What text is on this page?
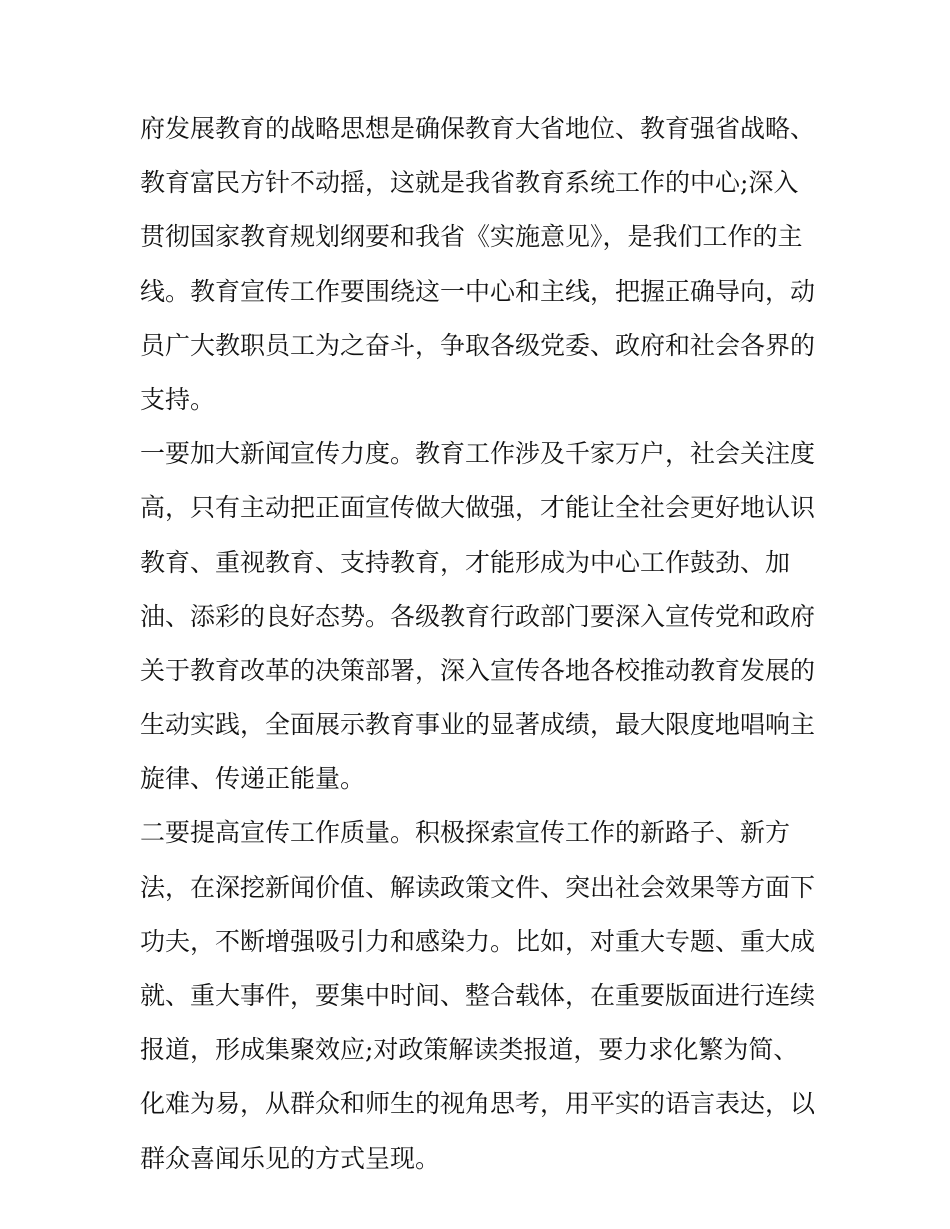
府发展教育的战略思想是确保教育大省地位、教育强省战略、
教育富民方针不动摇，这就是我省教育系统工作的中心;深入
贯彻国家教育规划纲要和我省《实施意见》，是我们工作的主
线。教育宣传工作要围绕这一中心和主线，把握正确导向，动
员广大教职员工为之奋斗，争取各级党委、政府和社会各界的
支持。
一要加大新闻宣传力度。教育工作涉及千家万户，社会关注度
高，只有主动把正面宣传做大做强，才能让全社会更好地认识
教育、重视教育、支持教育，才能形成为中心工作鼓劲、加
油、添彩的良好态势。各级教育行政部门要深入宣传党和政府
关于教育改革的决策部署，深入宣传各地各校推动教育发展的
生动实践，全面展示教育事业的显著成绩，最大限度地唱响主
旋律、传递正能量。
二要提高宣传工作质量。积极探索宣传工作的新路子、新方
法，在深挖新闻价值、解读政策文件、突出社会效果等方面下
功夫，不断增强吸引力和感染力。比如，对重大专题、重大成
就、重大事件，要集中时间、整合载体，在重要版面进行连续
报道，形成集聚效应;对政策解读类报道，要力求化繁为简、
化难为易，从群众和师生的视角思考，用平实的语言表达，以
群众喜闻乐见的方式呈现。
